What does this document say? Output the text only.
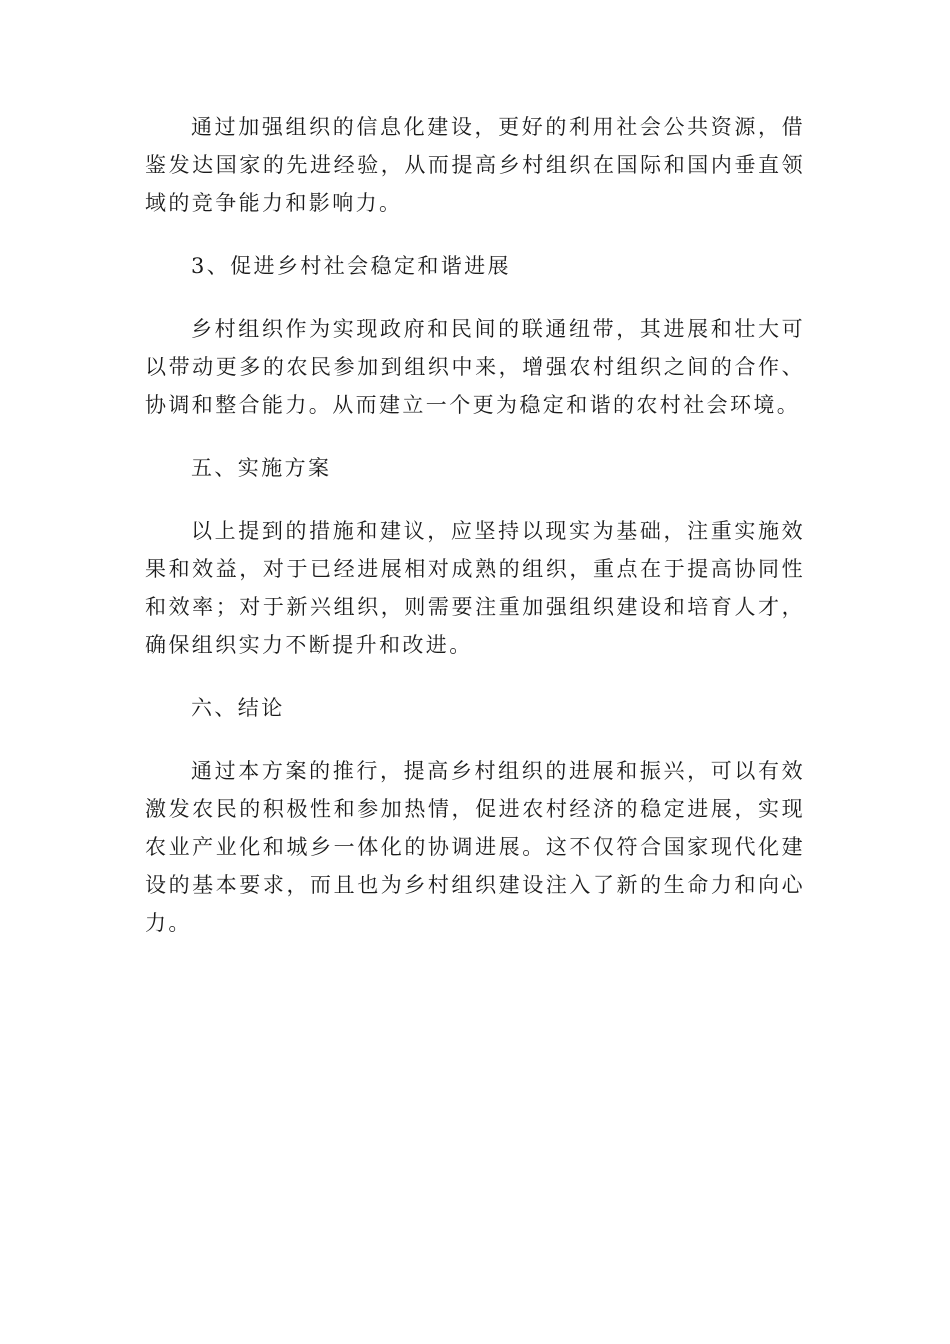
通过加强组织的信息化建设，更好的利用社会公共资源，借鉴发达国家的先进经验，从而提高乡村组织在国际和国内垂直领域的竞争能力和影响力。

3、促进乡村社会稳定和谐进展

乡村组织作为实现政府和民间的联通纽带，其进展和壮大可以带动更多的农民参加到组织中来，增强农村组织之间的合作、协调和整合能力。从而建立一个更为稳定和谐的农村社会环境。

五、实施方案

以上提到的措施和建议，应坚持以现实为基础，注重实施效果和效益，对于已经进展相对成熟的组织，重点在于提高协同性和效率；对于新兴组织，则需要注重加强组织建设和培育人才，确保组织实力不断提升和改进。

六、结论

通过本方案的推行，提高乡村组织的进展和振兴，可以有效激发农民的积极性和参加热情，促进农村经济的稳定进展，实现农业产业化和城乡一体化的协调进展。这不仅符合国家现代化建设的基本要求，而且也为乡村组织建设注入了新的生命力和向心力。
